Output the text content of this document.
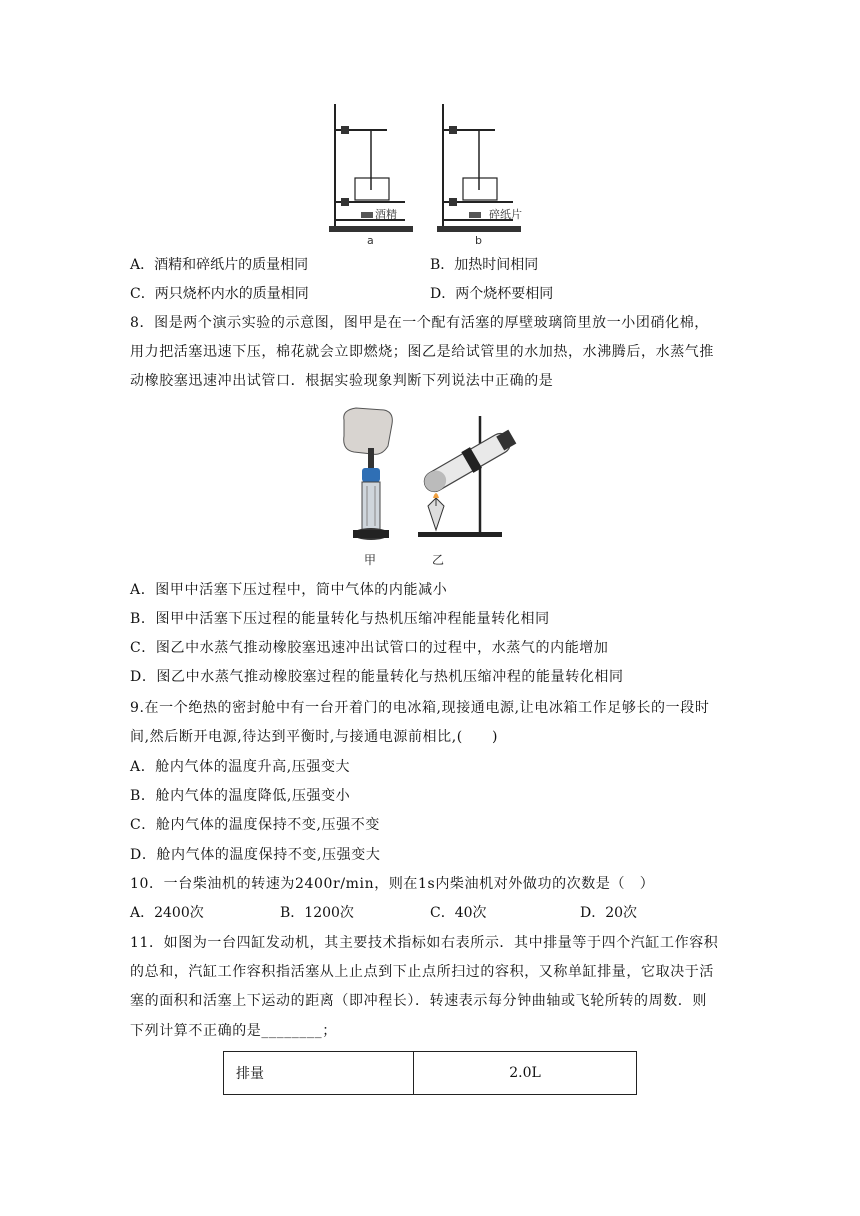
酒精
a
碎纸片
b
A．酒精和碎纸片的质量相同	B．加热时间相同
C．两只烧杯内水的质量相同	D．两个烧杯要相同
8．图是两个演示实验的示意图，图甲是在一个配有活塞的厚壁玻璃筒里放一小团硝化棉，
用力把活塞迅速下压，棉花就会立即燃烧；图乙是给试管里的水加热，水沸腾后，水蒸气推
动橡胶塞迅速冲出试管口．根据实验现象判断下列说法中正确的是
甲	乙
A．图甲中活塞下压过程中，筒中气体的内能减小
B．图甲中活塞下压过程的能量转化与热机压缩冲程能量转化相同
C．图乙中水蒸气推动橡胶塞迅速冲出试管口的过程中，水蒸气的内能增加
D．图乙中水蒸气推动橡胶塞过程的能量转化与热机压缩冲程的能量转化相同
9.在一个绝热的密封舱中有一台开着门的电冰箱,现接通电源,让电冰箱工作足够长的一段时
间,然后断开电源,待达到平衡时,与接通电源前相比,(　　)
A．舱内气体的温度升高,压强变大
B．舱内气体的温度降低,压强变小
C．舱内气体的温度保持不变,压强不变
D．舱内气体的温度保持不变,压强变大
10．一台柴油机的转速为2400r/min，则在1s内柴油机对外做功的次数是（　）
A．2400次	B．1200次	C．40次	D．20次
11．如图为一台四缸发动机，其主要技术指标如右表所示．其中排量等于四个汽缸工作容积
的总和，汽缸工作容积指活塞从上止点到下止点所扫过的容积，又称单缸排量，它取决于活
塞的面积和活塞上下运动的距离（即冲程长）．转速表示每分钟曲轴或飞轮所转的周数．则
下列计算不正确的是________；
排量	2.0L
